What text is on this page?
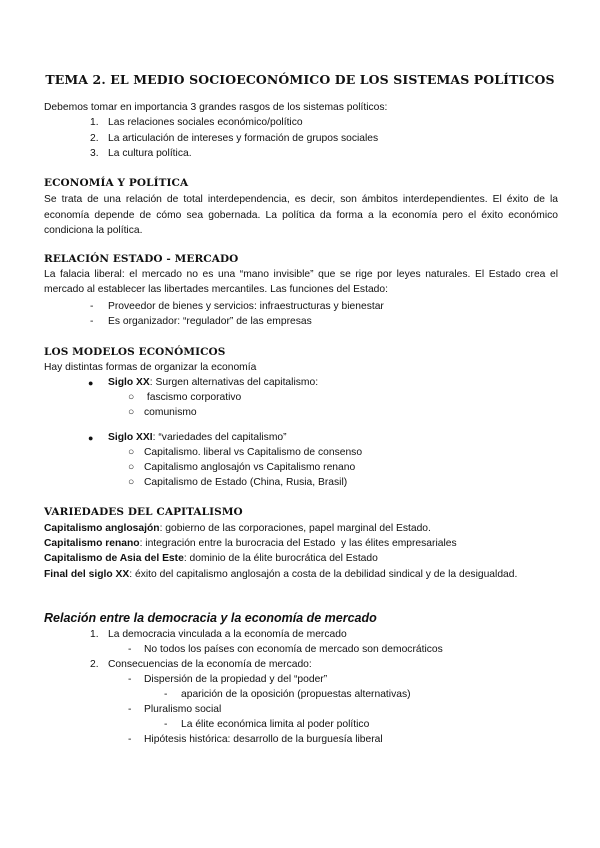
TEMA 2. EL MEDIO SOCIOECONÓMICO DE LOS SISTEMAS POLÍTICOS
Debemos tomar en importancia 3 grandes rasgos de los sistemas políticos:
1. Las relaciones sociales económico/político
2. La articulación de intereses y formación de grupos sociales
3. La cultura política.
ECONOMÍA Y POLÍTICA
Se trata de una relación de total interdependencia, es decir, son ámbitos interdependientes. El éxito de la economía depende de cómo sea gobernada. La política da forma a la economía pero el éxito económico condiciona la política.
RELACIÓN ESTADO - MERCADO
La falacia liberal: el mercado no es una “mano invisible” que se rige por leyes naturales. El Estado crea el mercado al establecer las libertades mercantiles. Las funciones del Estado:
- Proveedor de bienes y servicios: infraestructuras y bienestar
- Es organizador: “regulador” de las empresas
LOS MODELOS ECONÓMICOS
Hay distintas formas de organizar la economía
● Siglo XX: Surgen alternativas del capitalismo:
○ fascismo corporativo
○ comunismo
● Siglo XXI: “variedades del capitalismo”
○ Capitalismo. liberal vs Capitalismo de consenso
○ Capitalismo anglosajón vs Capitalismo renano
○ Capitalismo de Estado (China, Rusia, Brasil)
VARIEDADES DEL CAPITALISMO
Capitalismo anglosajón: gobierno de las corporaciones, papel marginal del Estado.
Capitalismo renano: integración entre la burocracia del Estado  y las élites empresariales
Capitalismo de Asia del Este: dominio de la élite burocrática del Estado
Final del siglo XX: éxito del capitalismo anglosajón a costa de la debilidad sindical y de la desigualdad.
Relación entre la democracia y la economía de mercado
1. La democracia vinculada a la economía de mercado
- No todos los países con economía de mercado son democráticos
2. Consecuencias de la economía de mercado:
- Dispersión de la propiedad y del “poder”
- aparición de la oposición (propuestas alternativas)
- Pluralismo social
- La élite económica limita al poder político
- Hipótesis histórica: desarrollo de la burguesía liberal
